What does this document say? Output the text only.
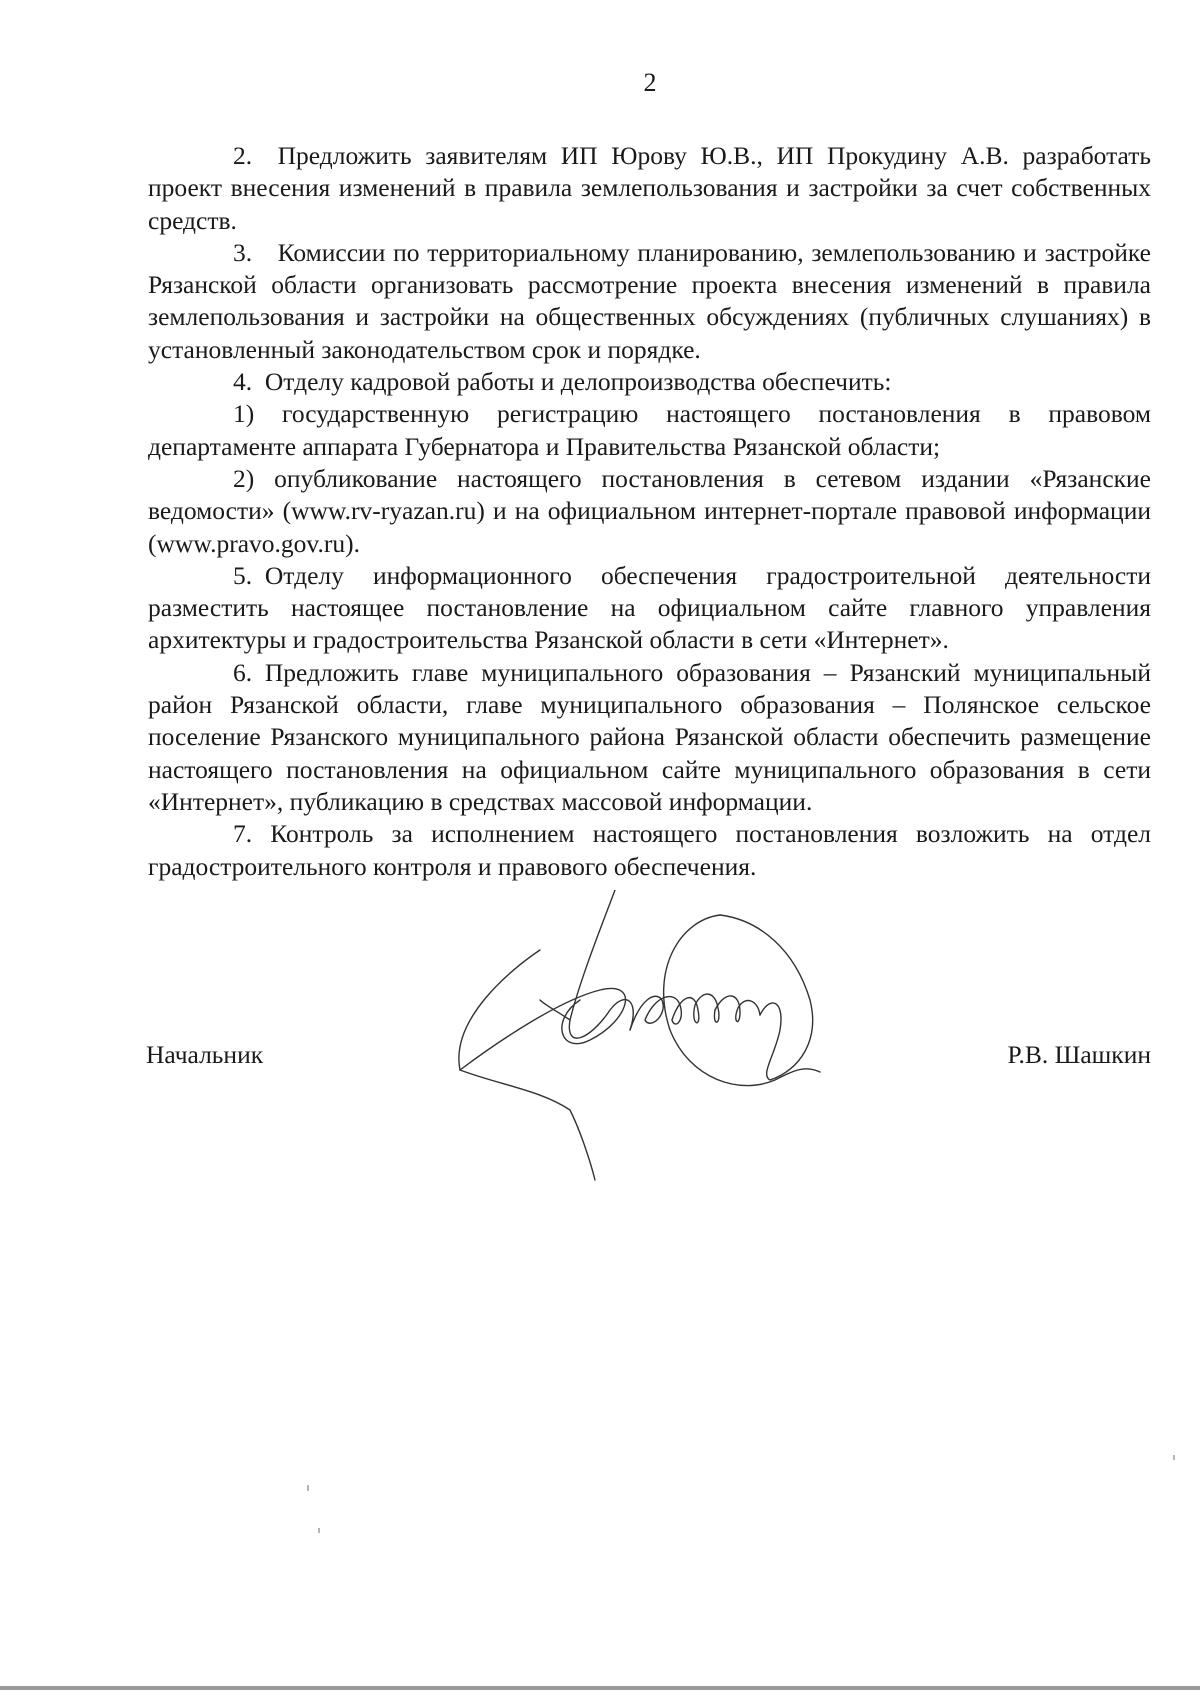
2

2. Предложить заявителям ИП Юрову Ю.В., ИП Прокудину А.В. разработать проект внесения изменений в правила землепользования и застройки за счет собственных средств.

3. Комиссии по территориальному планированию, землепользованию и застройке Рязанской области организовать рассмотрение проекта внесения изменений в правила землепользования и застройки на общественных обсуждениях (публичных слушаниях) в установленный законодательством срок и порядке.

4. Отделу кадровой работы и делопроизводства обеспечить:

1) государственную регистрацию настоящего постановления в правовом департаменте аппарата Губернатора и Правительства Рязанской области;

2) опубликование настоящего постановления в сетевом издании «Рязанские ведомости» (www.rv-ryazan.ru) и на официальном интернет-портале правовой информации (www.pravo.gov.ru).

5. Отделу информационного обеспечения градостроительной деятельности разместить настоящее постановление на официальном сайте главного управления архитектуры и градостроительства Рязанской области в сети «Интернет».

6. Предложить главе муниципального образования – Рязанский муниципальный район Рязанской области, главе муниципального образования – Полянское сельское поселение Рязанского муниципального района Рязанской области обеспечить размещение настоящего постановления на официальном сайте муниципального образования в сети «Интернет», публикацию в средствах массовой информации.

7. Контроль за исполнением настоящего постановления возложить на отдел градостроительного контроля и правового обеспечения.

Начальник	Р.В. Шашкин
